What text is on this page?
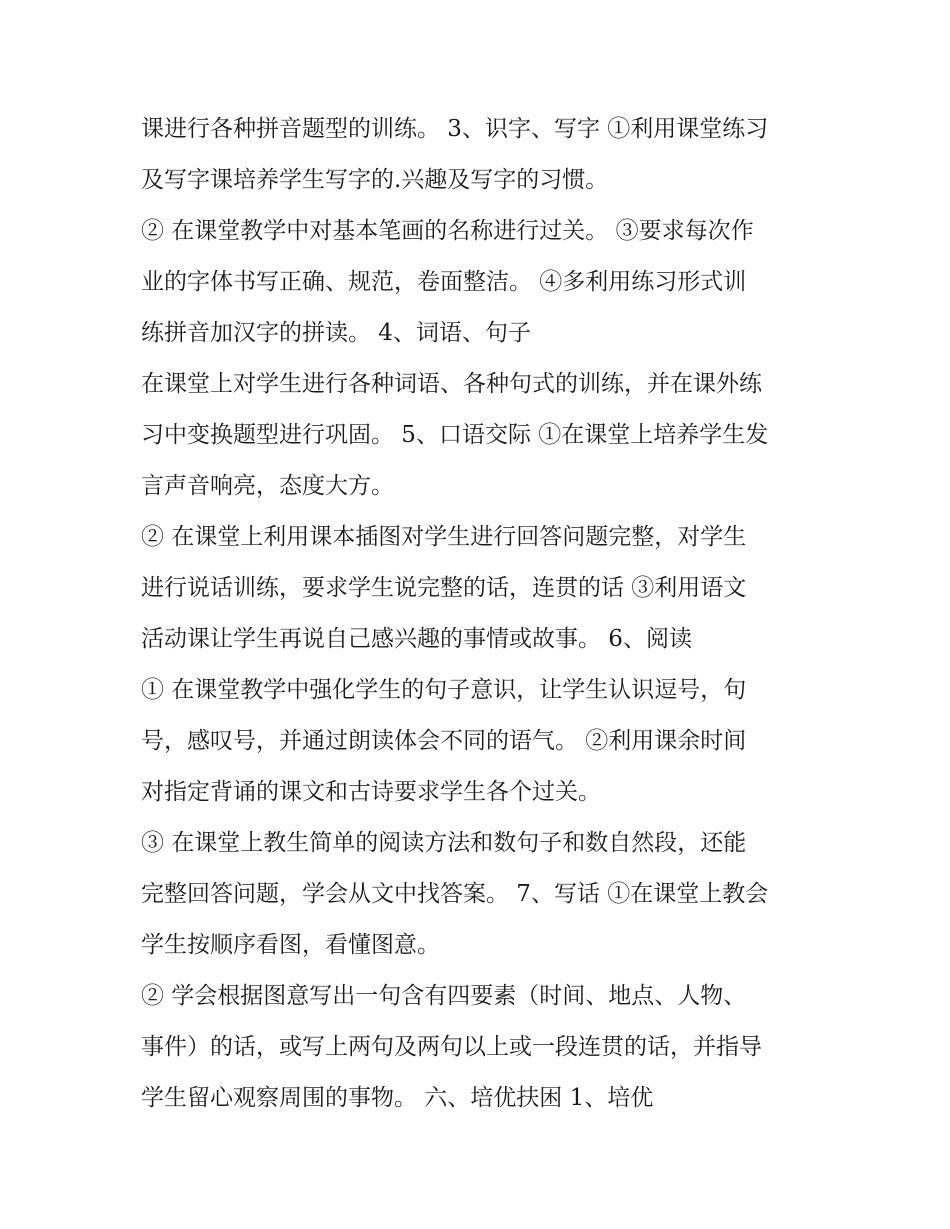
课进行各种拼音题型的训练。 3、识字、写字 ①利用课堂练习
及写字课培养学生写字的.兴趣及写字的习惯。
② 在课堂教学中对基本笔画的名称进行过关。 ③要求每次作
业的字体书写正确、规范，卷面整洁。 ④多利用练习形式训
练拼音加汉字的拼读。 4、词语、句子
在课堂上对学生进行各种词语、各种句式的训练，并在课外练
习中变换题型进行巩固。 5、口语交际 ①在课堂上培养学生发
言声音响亮，态度大方。
② 在课堂上利用课本插图对学生进行回答问题完整，对学生
进行说话训练，要求学生说完整的话，连贯的话 ③利用语文
活动课让学生再说自己感兴趣的事情或故事。 6、阅读
① 在课堂教学中强化学生的句子意识，让学生认识逗号，句
号，感叹号，并通过朗读体会不同的语气。 ②利用课余时间
对指定背诵的课文和古诗要求学生各个过关。
③ 在课堂上教生简单的阅读方法和数句子和数自然段，还能
完整回答问题，学会从文中找答案。 7、写话 ①在课堂上教会
学生按顺序看图，看懂图意。
② 学会根据图意写出一句含有四要素（时间、地点、人物、
事件）的话，或写上两句及两句以上或一段连贯的话，并指导
学生留心观察周围的事物。 六、培优扶困 1、培优
